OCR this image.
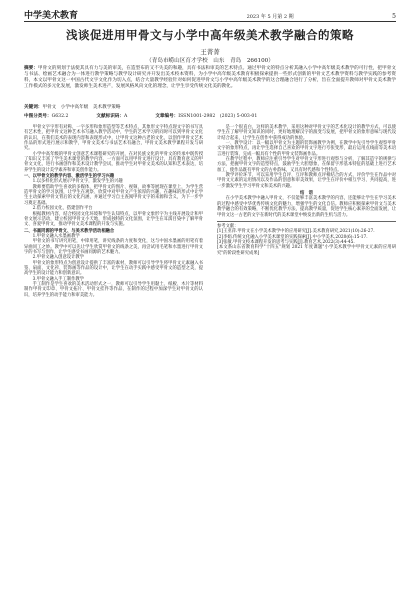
中学美术教育	2023 年 5 月第 2 期	5
浅谈促进用甲骨文与小学中高年级美术教学融合的策略
王菁菁
（青岛市崂山区育才学校　山东　青岛　266100）
摘要：甲骨文的刻划于法使其具有力与美的审美，在造型布的又不失美的和趣，具有书法和审美的艺术特点。通过甲骨文的特点分析其融入小学中高年级美术教学的可行性，把甲骨文与书法、绘画艺术融合为一体进行教学策略与教学设计研究并开发出美术校本资料，为小学中高年级美术教育积极探索提供一些形式创新的甲骨文艺术教学资料与教学实践的参考资料，本文以甲骨文这一中国古代文字文化作为切入点，结合大量教学经验针对如何促进甲骨文与小学中高年级美术教学的这合理融合进行了分析，旨在全面提升教师对甲骨文美术教学工作模式的多元化发展，激发师生美术进产，发展风格风向文化的理念，让学生享受传统文化美的教化。
关键词：甲骨文　小学中高年级　美术教学策略
中图分类号：G632.2	文献标识码：A	文章编号：ISSN1001-2982　(2023) 5-003-01

甲骨文字字形有对称、一字多形和象形造型等艺术特点，其象形文字特点现文字的书写具有艺术性，把甲骨文这种艺术书写融入教学活动中，学生的艺术学习的同时可以到甲骨文文化的认识，在我们美术的表现内容和表现形式中，让甲骨文这种古老的文化，以创作甲骨文艺术作品的形式进行展示和教学，甲骨文美术与书法艺术有融合，甲骨文美术教学课程开发与研究。

小学中高年级的甲骨文创意艺术课程研究的开展，在对民族文化的甲骨文的传承中既传授了知识又丰富了学生美术课堂的教学内容，一方面可以用甲骨文进行设计，具有教育意义的甲骨文文化，进行书画创作和美术设计教学尝试，推动学生对甲骨文美术的认知和艺术表达，培养学生的设计美学素养和审美创作能力。

一、以甲骨文的教学内容、激活学生的学习兴趣

1.以多样化形式展示甲骨文字，激发学生的兴趣

教师要借助学生喜欢的多媒体，把甲骨文的图片、视频、故事等展现在课堂上，为学生营造甲骨文的学习氛围，让学生在观察、欣赏中对甲骨文产生浓厚的兴趣，在趣味的形式中让学生主动探索甲骨文背后的文化内涵，并通过学习自主查阅甲骨文字的来源和含义，为下一步学习奠定基础。

2.借力校园文化，搭建创作平台

根据教材内容，结合校园文化环境和学生认知特点，以甲骨文象形字为主线开展设计和甲骨文展示活动，建立校园甲骨文小天地，形成独特的文化氛围，让学生在耳濡目染中了解甲骨文、喜爱甲骨文，推动甲骨文美术课程的开发与实施。

二、书画同源的甲骨文、与美术教学活动相融合

1.甲骨文融入水墨画教学

甲骨文的书写讲究用笔，中锋用笔，讲究线条的力度和变化，这与中国水墨画的用笔有着异曲同工之妙。教学中可以先让学生欣赏甲骨文的线条之美，再尝试用毛笔和水墨进行甲骨文字的书写与创作，让学生感受书画同源的艺术魅力。

2.甲骨文融入创意设计教学

甲骨文的象形特点为创意设计提供了丰富的素材，教师可以引导学生将甲骨文元素融入书签、扇面、文化衫、装饰画等作品的设计中，让学生在动手实践中感受甲骨文的造型之美，提高学生的设计能力和创新意识。

3.甲骨文融入手工制作教学

手工制作是学生喜欢的美术活动形式之一，教师可以引导学生用黏土、纸板、木片等材料制作甲骨文印章、甲骨文拓片、甲骨文挂件等作品，在制作的过程中加深学生对甲骨文的认识，培养学生的动手能力和审美能力。

是一个很直白，这样的美术教学、采用这种对甲骨文字的艺术化设计的教学方式，可以使学生在了解甲骨文知识的同时，更好地理解汉字的演变与发展，把甲骨文的象形意味与现代设计结合起来，让学生在创作中获得成功的体验。

一、教学设计：以一幅以甲骨文为主题的装饰画教学为例，在教学中先引导学生观察甲骨文字的象形特点，再让学生选择自己喜欢的甲骨文字进行夸张变形，最后运用点线面等美术语言进行装饰，完成一幅具有个性的甲骨文装饰画作品。

在教学过程中，教师应注重引导学生对甲骨文字形进行观察与分析，了解其造字的规律与方法，把握甲骨文字的造型特点，鼓励学生大胆想象，在保留字形基本特征的基础上进行艺术加工，使作品既有甲骨文的古朴韵味，又具有时代感和个性特点。

教学评价环节，可以采用学生自评、互评和教师点评相结合的方式，评价学生在作品中对甲骨文元素的运用情况以及作品的创意和审美效果，让学生在评价中相互学习、共同提高，进一步激发学生学习甲骨文和美术的兴趣。

结　语

在小学美术教学中融入甲骨文，不仅能够丰富美术教学的内容，还能够让学生在学习美术的过程中感受中华优秀传统文化的魅力，增强学生的文化自信。教师应积极探索甲骨文与美术教学融合的有效策略，不断优化教学方法，提高教学质量，促进学生核心素养的全面发展，让甲骨文这一古老的文字在新时代的美术课堂中焕发出新的生机与活力。

参考文献：

[1]王亚萍.甲骨文在小学美术教学中的应用研究[J].美术教育研究,2021(10):26-27.

[2]李娟.传统文化融入小学美术课堂的实践探索[J].中小学美术,2020(6):15-17.

[3]张敏.甲骨文校本课程开发的思考与实践[J].教育艺术,2022(3):44-45.

[本文系山东省教育科学"十四五"规划 2021 年度课题"小学美术教学中甲骨文元素的应用研究"的阶段性研究成果]
